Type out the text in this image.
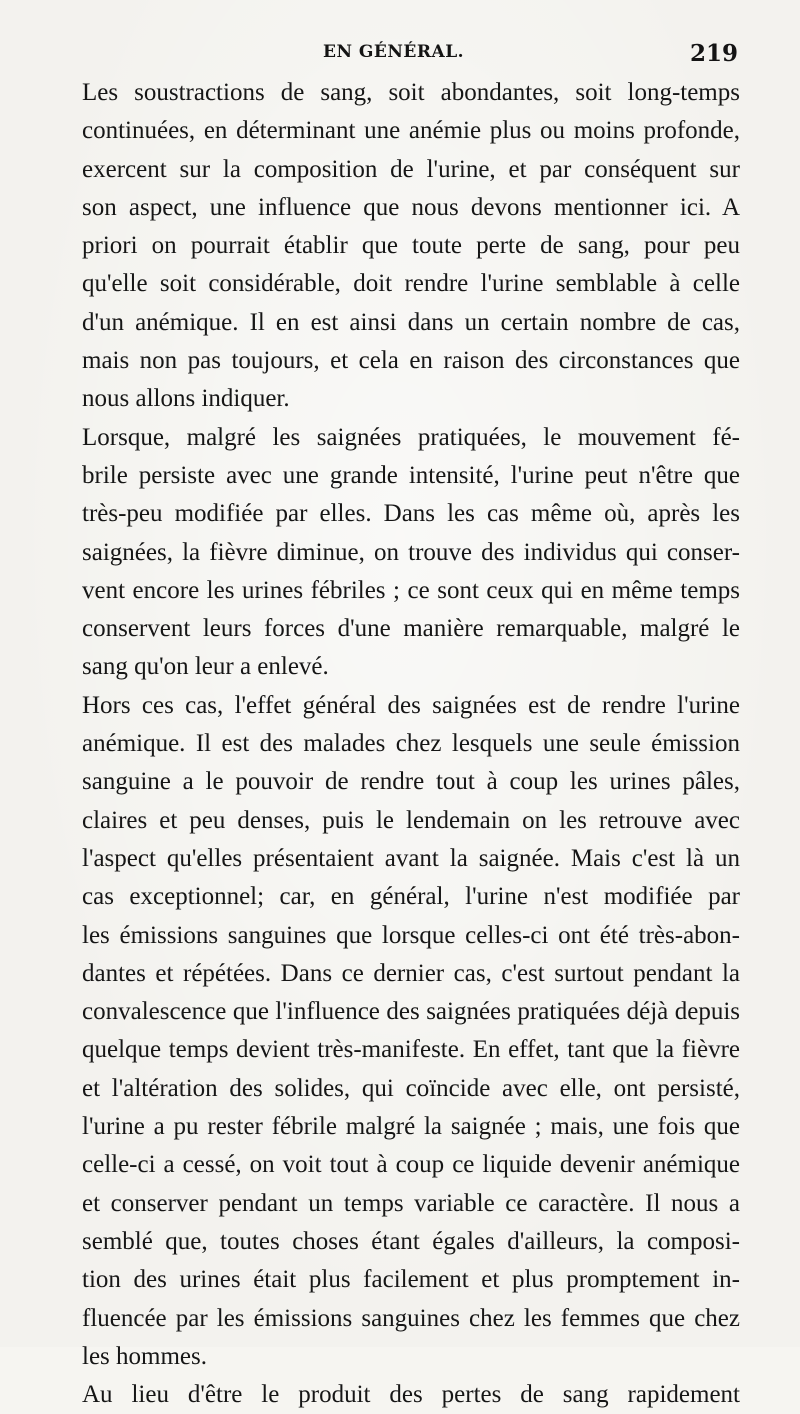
EN GÉNÉRAL.	219
Les soustractions de sang, soit abondantes, soit long-temps
continuées, en déterminant une anémie plus ou moins profonde,
exercent sur la composition de l'urine, et par conséquent sur
son aspect, une influence que nous devons mentionner ici. A
priori on pourrait établir que toute perte de sang, pour peu
qu'elle soit considérable, doit rendre l'urine semblable à celle
d'un anémique. Il en est ainsi dans un certain nombre de cas,
mais non pas toujours, et cela en raison des circonstances que
nous allons indiquer.
Lorsque, malgré les saignées pratiquées, le mouvement fé-
brile persiste avec une grande intensité, l'urine peut n'être que
très-peu modifiée par elles. Dans les cas même où, après les
saignées, la fièvre diminue, on trouve des individus qui conser-
vent encore les urines fébriles ; ce sont ceux qui en même temps
conservent leurs forces d'une manière remarquable, malgré le
sang qu'on leur a enlevé.
Hors ces cas, l'effet général des saignées est de rendre l'urine
anémique. Il est des malades chez lesquels une seule émission
sanguine a le pouvoir de rendre tout à coup les urines pâles,
claires et peu denses, puis le lendemain on les retrouve avec
l'aspect qu'elles présentaient avant la saignée. Mais c'est là un
cas exceptionnel; car, en général, l'urine n'est modifiée par
les émissions sanguines que lorsque celles-ci ont été très-abon-
dantes et répétées. Dans ce dernier cas, c'est surtout pendant la
convalescence que l'influence des saignées pratiquées déjà depuis
quelque temps devient très-manifeste. En effet, tant que la fièvre
et l'altération des solides, qui coïncide avec elle, ont persisté,
l'urine a pu rester fébrile malgré la saignée ; mais, une fois que
celle-ci a cessé, on voit tout à coup ce liquide devenir anémique
et conserver pendant un temps variable ce caractère. Il nous a
semblé que, toutes choses étant égales d'ailleurs, la composi-
tion des urines était plus facilement et plus promptement in-
fluencée par les émissions sanguines chez les femmes que chez
les hommes.
Au lieu d'être le produit des pertes de sang rapidement
